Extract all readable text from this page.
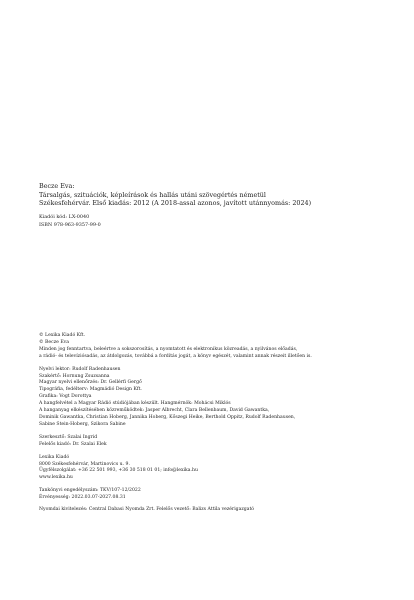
Becze Eva:
Társalgás, szituációk, képleírások és hallás utáni szövegértés németül
Székesfehérvár. Első kiadás: 2012 (A 2018-assal azonos, javított utánnyomás: 2024)
Kiadói kód: LX-0040
ISBN 978-963-9357-99-0
© Lexika Kiadó Kft.
© Becze Eva
Minden jog fenntartva, beleértve a sokszorosítás, a nyomtatott és elektronikus közreadás, a nyilvános előadás,
a rádió- és televíziósadás, az átdolgozás, továbbá a fordítás jogát, a könyv egészét, valamint annak részeit illetően is.
Nyelvi lektor: Rudolf Radenhausen
Szakértő: Hornung Zsuzsanna
Magyar nyelvi ellenőrzés: Dr. Gellérfi Gergő
Tipográfia, fedélterv: Magmádió Design Kft.
Grafika: Vogt Dorottya
A hangfelvétel a Magyar Rádió stúdiójában készült. Hangmérnök: Mohácsi Miklós
A hanganyag elkészítésében közreműködtek: Jasper Albrecht, Clara Bellenbaum, David Gawantka,
Dominik Gawantka, Christian Hoberg, Jannika Hoberg, Kőszegi Heike, Berthold Oppitz, Rudolf Radenhausen,
Sabine Stein-Hoberg, Szikora Sabine
Szerkesztő: Szalai Ingrid
Felelős kiadó: Dr. Szalai Elek
Lexika Kiadó
8000 Székesfehérvár, Martinovics u. 9.
Ügyfélszolgálat: +36 22 501 993, +36 30 518 01 01; info@lexika.hu
www.lexika.hu
Tankönyvi engedélyszám: TKV/107-12/2022
Érvényesség: 2022.03.07-2027.08.31
Nyomdai kivitelezés: Central Dabasi Nyomda Zrt. Felelős vezető: Balizs Attila vezérigazgató
